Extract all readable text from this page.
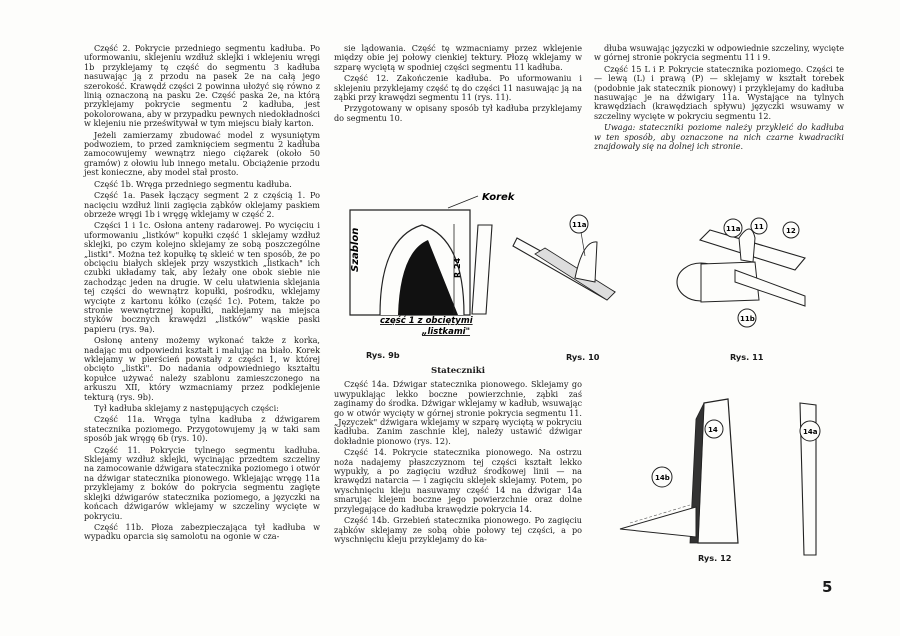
Część 2. Pokrycie przedniego segmentu kadłuba. Po uformowaniu, sklejeniu wzdłuż sklejki i wklejeniu wręgi 1b przyklejamy tę część do segmentu 3 kadłuba nasuwając ją z przodu na pasek 2e na całą jego szerokość. Krawędź części 2 powinna ułożyć się równo z linią oznaczoną na pasku 2e. Część paska 2e, na którą przyklejamy pokrycie segmentu 2 kadłuba, jest pokolorowana, aby w przypadku pewnych niedokładności w klejeniu nie prześwitywał w tym miejscu biały karton.

Jeżeli zamierzamy zbudować model z wysuniętym podwoziem, to przed zamknięciem segmentu 2 kadłuba zamocowujemy wewnątrz niego ciężarek (około 50 gramów) z ołowiu lub innego metalu. Obciążenie przodu jest konieczne, aby model stał prosto.

Część 1b. Wręga przedniego segmentu kadłuba.

Część 1a. Pasek łączący segment 2 z częścią 1. Po nacięciu wzdłuż linii zagięcia ząbków oklejamy paskiem obrzeże wręgi 1b i wręgę wklejamy w część 2.

Części 1 i 1c. Osłona anteny radarowej. Po wycięciu i uformowaniu „listków" kopułki część 1 sklejamy wzdłuż sklejki, po czym kolejno sklejamy ze sobą poszczególne „listki". Można też kopułkę tę skleić w ten sposób, że po obcięciu białych sklejek przy wszystkich „listkach" ich czubki układamy tak, aby leżały one obok siebie nie zachodząc jeden na drugie. W celu ułatwienia sklejania tej części do wewnątrz kopułki, pośrodku, wklejamy wycięte z kartonu kółko (część 1c). Potem, także po stronie wewnętrznej kopułki, naklejamy na miejsca styków bocznych krawędzi „listków" wąskie paski papieru (rys. 9a).

Osłonę anteny możemy wykonać także z korka, nadając mu odpowiedni kształt i malując na biało. Korek wklejamy w pierścień powstały z części 1, w której obcięto „listki". Do nadania odpowiedniego kształtu kopułce używać należy szablonu zamieszczonego na arkuszu XII, który wzmacniamy przez podklejenie tekturą (rys. 9b).

Tył kadłuba sklejamy z następujących części:

Część 11a. Wręga tylna kadłuba z dźwigarem statecznika poziomego. Przygotowujemy ją w taki sam sposób jak wręgę 6b (rys. 10).

Część 11. Pokrycie tylnego segmentu kadłuba. Sklejamy wzdłuż sklejki, wycinając przedtem szczeliny na zamocowanie dźwigara statecznika poziomego i otwór na dźwigar statecznika pionowego. Wklejając wręgę 11a przyklejamy z boków do pokrycia segmentu zagięte sklejki dźwigarów statecznika poziomego, a języczki na końcach dźwigarów wklejamy w szczeliny wycięte w pokryciu.

Część 11b. Płoza zabezpieczająca tył kadłuba w wypadku oparcia się samolotu na ogonie w cza-

sie lądowania. Część tę wzmacniamy przez wklejenie między obie jej połowy cienkiej tektury. Płozę wklejamy w szparę wyciętą w spodniej części segmentu 11 kadłuba.

Część 12. Zakończenie kadłuba. Po uformowaniu i sklejeniu przyklejamy część tę do części 11 nasuwając ją na ząbki przy krawędzi segmentu 11 (rys. 11).

Przygotowany w opisany sposób tył kadłuba przyklejamy do segmentu 10.

dłuba wsuwając języczki w odpowiednie szczeliny, wycięte w górnej stronie pokrycia segmentu 11 i 9.

Część 15 L i P. Pokrycie statecznika poziomego. Części te — lewą (L) i prawą (P) — sklejamy w kształt torebek (podobnie jak statecznik pionowy) i przyklejamy do kadłuba nasuwając je na dźwigary 11a. Wystające na tylnych krawędziach (krawędziach spływu) języczki wsuwamy w szczeliny wycięte w pokryciu segmentu 12.

Uwaga: stateczniki poziome należy przykleić do kadłuba w ten sposób, aby oznaczone na nich czarne kwadraciki znajdowały się na dolnej ich stronie.

Korek
Szablon	R 24
część 1 z obciętymi
„listkami"
Rys. 9b
11a
Rys. 10
11a 11	12
11b
Rys. 11
Stateczniki

Część 14a. Dźwigar statecznika pionowego. Sklejamy go uwypuklając lekko boczne powierzchnie, ząbki zaś zaginamy do środka. Dźwigar wklejamy w kadłub, wsuwając go w otwór wycięty w górnej stronie pokrycia segmentu 11. „Języczek" dźwigara wklejamy w szparę wyciętą w pokryciu kadłuba. Zanim zaschnie klej, należy ustawić dźwigar dokładnie pionowo (rys. 12).

Część 14. Pokrycie statecznika pionowego. Na ostrzu noża nadajemy płaszczyznom tej części kształt lekko wypukły, a po zagięciu wzdłuż środkowej linii — na krawędzi natarcia — i zagięciu sklejek sklejamy. Potem, po wyschnięciu kleju nasuwamy część 14 na dźwigar 14a smarując klejem boczne jego powierzchnie oraz dolne przylegające do kadłuba krawędzie pokrycia 14.

Część 14b. Grzebień statecznika pionowego. Po zagięciu ząbków sklejamy ze sobą obie połowy tej części, a po wyschnięciu kleju przyklejamy do ka-

14	14a
14b
Rys. 12
5
